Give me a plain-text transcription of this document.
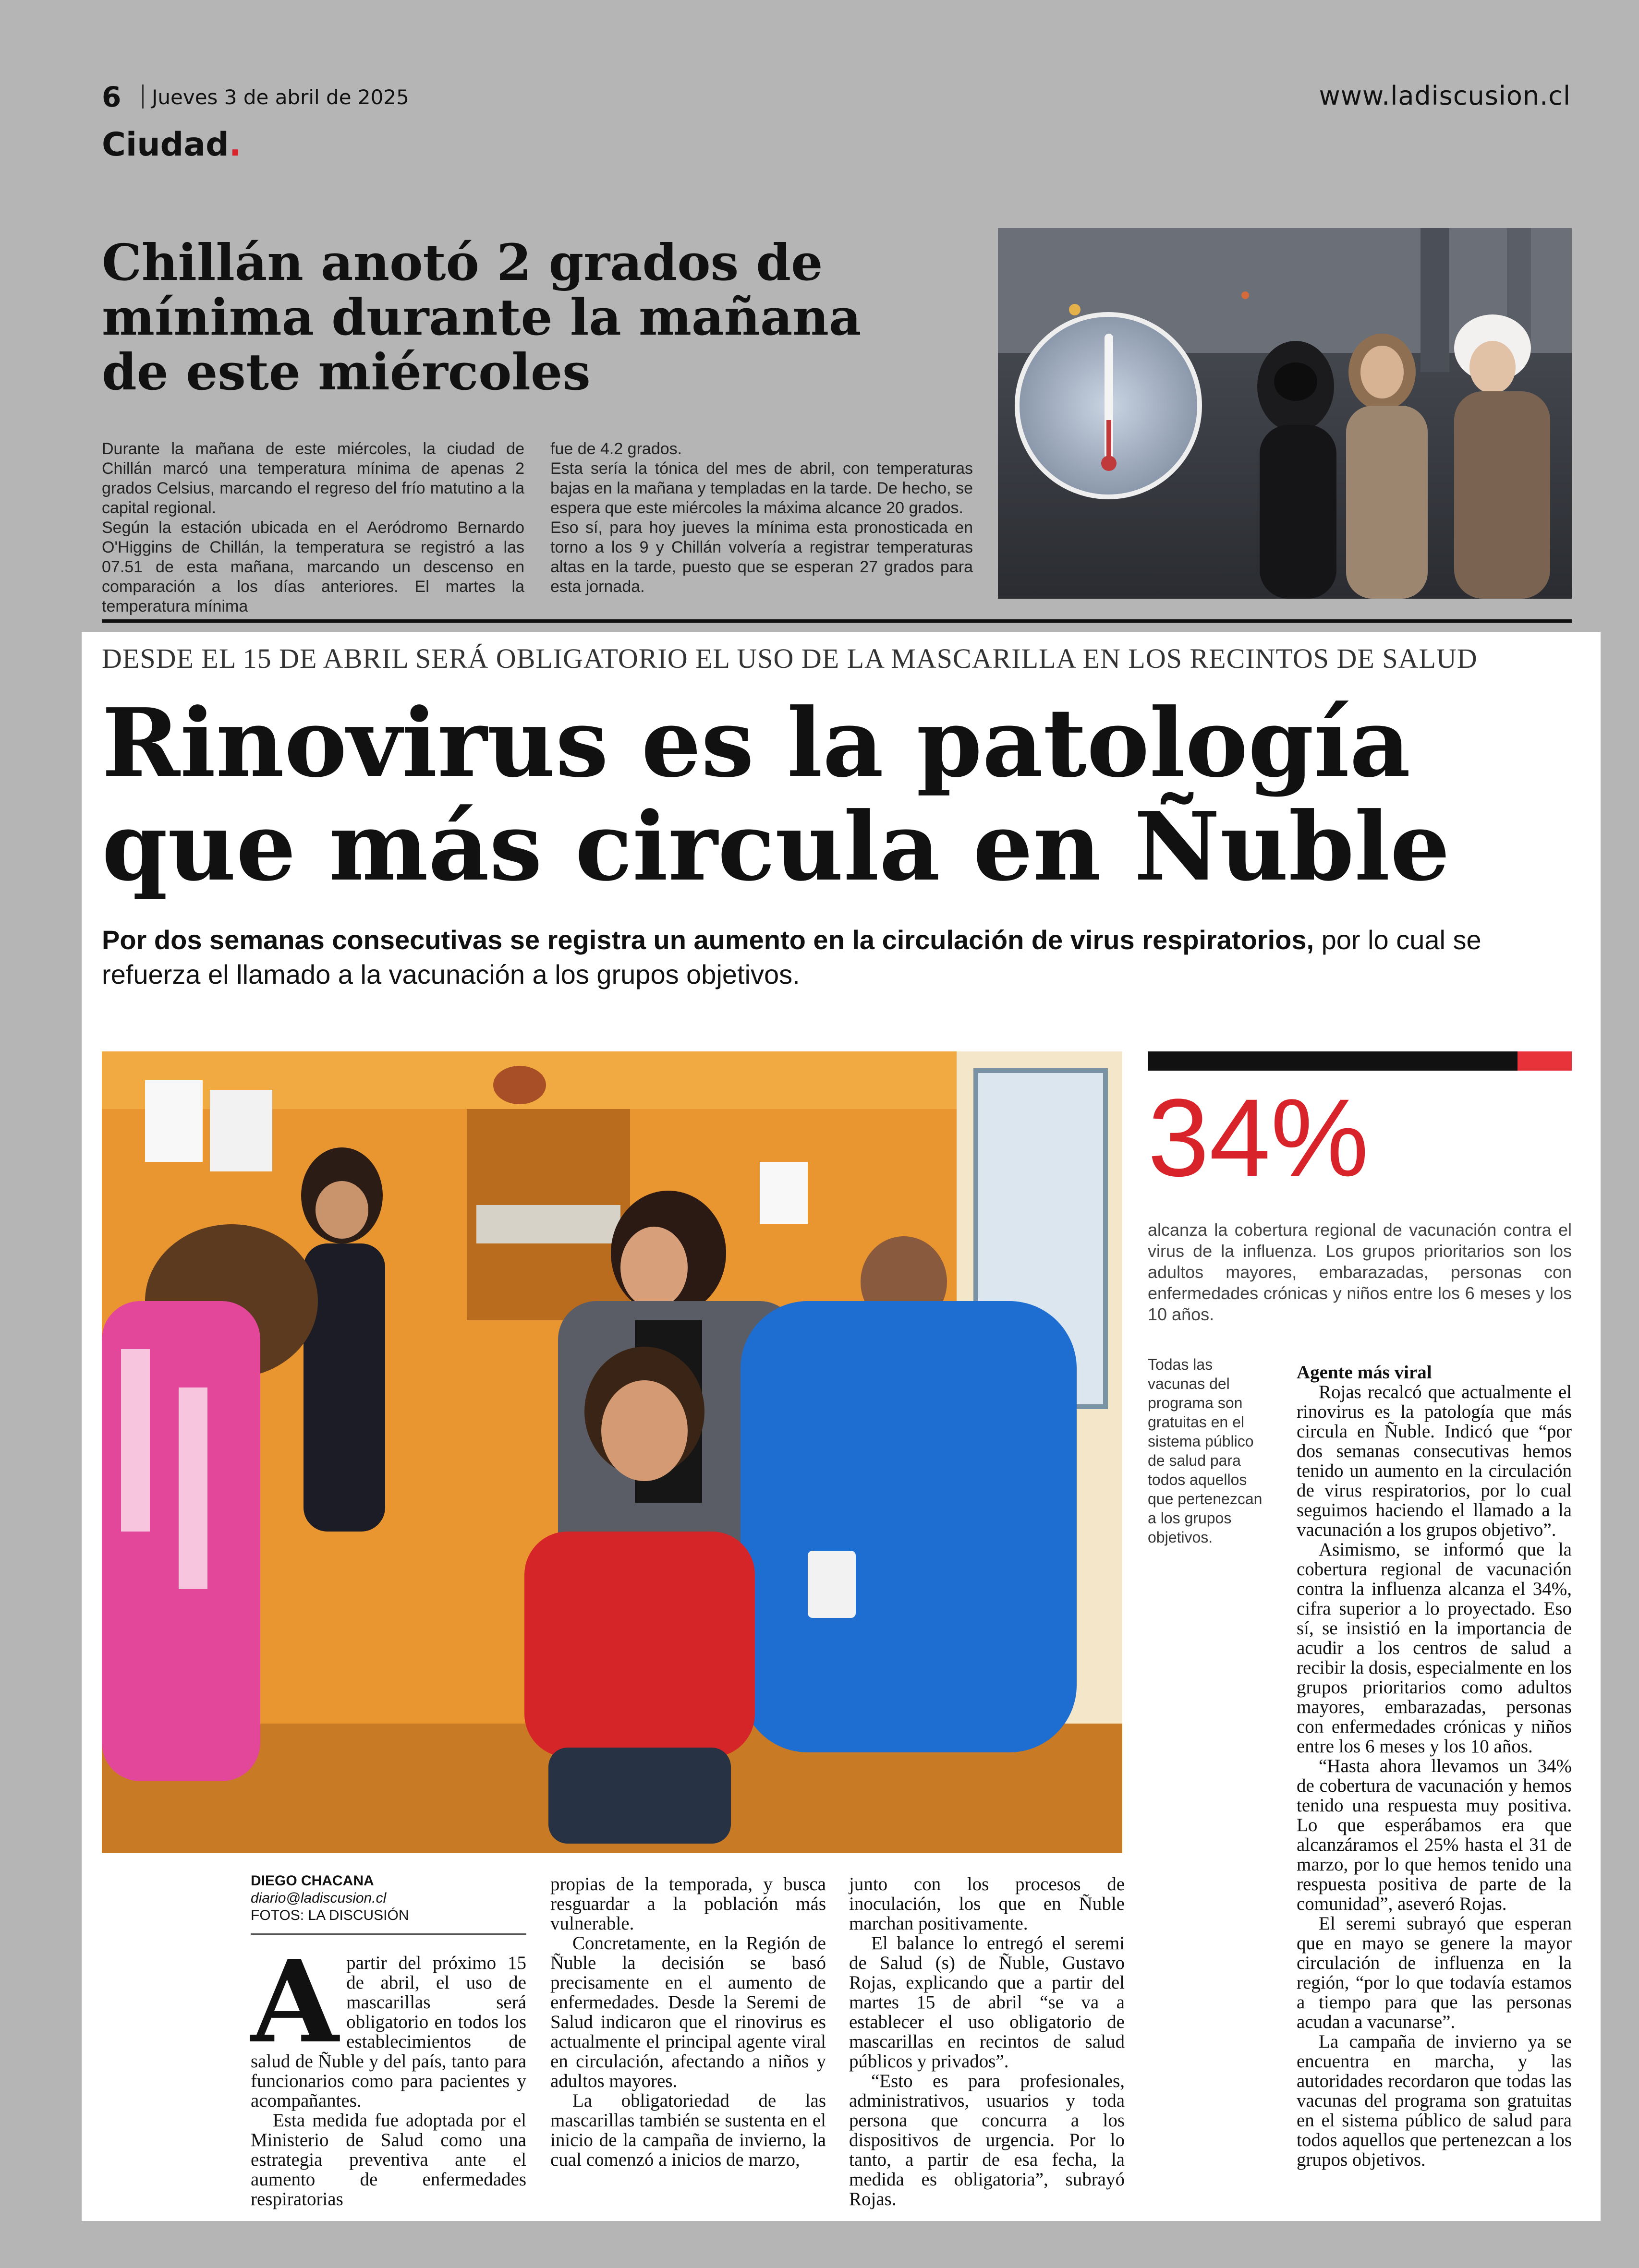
6 Jueves 3 de abril de 2025	www.ladiscusion.cl
Ciudad.
Chillán anotó 2 grados de mínima durante la mañana de este miércoles

Durante la mañana de este miércoles, la ciudad de Chillán marcó una temperatura mínima de apenas 2 grados Celsius, marcando el regreso del frío matutino a la capital regional.

Según la estación ubicada en el Aeródromo Bernardo O'Higgins de Chillán, la temperatura se registró a las 07.51 de esta mañana, marcando un descenso en comparación a los días anteriores. El martes la temperatura mínima

fue de 4.2 grados.

Esta sería la tónica del mes de abril, con temperaturas bajas en la mañana y templadas en la tarde. De hecho, se espera que este miércoles la máxima alcance 20 grados.

Eso sí, para hoy jueves la mínima esta pronosticada en torno a los 9 y Chillán volvería a registrar temperaturas altas en la tarde, puesto que se esperan 27 grados para esta jornada.

DESDE EL 15 DE ABRIL SERÁ OBLIGATORIO EL USO DE LA MASCARILLA EN LOS RECINTOS DE SALUD
Rinovirus es la patología
que más circula en Ñuble
Por dos semanas consecutivas se registra un aumento en la circulación de virus respiratorios, por lo cual se refuerza el llamado a la vacunación a los grupos objetivos.
34%
alcanza la cobertura regional de vacunación contra el virus de la influenza. Los grupos prioritarios son los adultos mayores, embarazadas, personas con enfermedades crónicas y niños entre los 6 meses y los 10 años.
Todas las vacunas del programa son gratuitas en el sistema público de salud para todos aquellos que pertenezcan a los grupos objetivos.
DIEGO CHACANA
diario@ladiscusion.cl
FOTOS: LA DISCUSIÓN
A partir del próximo 15 de abril, el uso de mascarillas será obligatorio en todos los establecimientos de salud de Ñuble y del país, tanto para funcionarios como para pacientes y acompañantes.

Esta medida fue adoptada por el Ministerio de Salud como una estrategia preventiva ante el aumento de enfermedades respiratorias

propias de la temporada, y busca resguardar a la población más vulnerable.

Concretamente, en la Región de Ñuble la decisión se basó precisamente en el aumento de enfermedades. Desde la Seremi de Salud indicaron que el rinovirus es actualmente el principal agente viral en circulación, afectando a niños y adultos mayores.

La obligatoriedad de las mascarillas también se sustenta en el inicio de la campaña de invierno, la cual comenzó a inicios de marzo,

junto con los procesos de inoculación, los que en Ñuble marchan positivamente.

El balance lo entregó el seremi de Salud (s) de Ñuble, Gustavo Rojas, explicando que a partir del martes 15 de abril “se va a establecer el uso obligatorio de mascarillas en recintos de salud públicos y privados”.

“Esto es para profesionales, administrativos, usuarios y toda persona que concurra a los dispositivos de urgencia. Por lo tanto, a partir de esa fecha, la medida es obligatoria”, subrayó Rojas.

Agente más viral

Rojas recalcó que actualmente el rinovirus es la patología que más circula en Ñuble. Indicó que “por dos semanas consecutivas hemos tenido un aumento en la circulación de virus respiratorios, por lo cual seguimos haciendo el llamado a la vacunación a los grupos objetivo”.

Asimismo, se informó que la cobertura regional de vacunación contra la influenza alcanza el 34%, cifra superior a lo proyectado. Eso sí, se insistió en la importancia de acudir a los centros de salud a recibir la dosis, especialmente en los grupos prioritarios como adultos mayores, embarazadas, personas con enfermedades crónicas y niños entre los 6 meses y los 10 años.

“Hasta ahora llevamos un 34% de cobertura de vacunación y hemos tenido una respuesta muy positiva. Lo que esperábamos era que alcanzáramos el 25% hasta el 31 de marzo, por lo que hemos tenido una respuesta positiva de parte de la comunidad”, aseveró Rojas.

El seremi subrayó que esperan que en mayo se genere la mayor circulación de influenza en la región, “por lo que todavía estamos a tiempo para que las personas acudan a vacunarse”.

La campaña de invierno ya se encuentra en marcha, y las autoridades recordaron que todas las vacunas del programa son gratuitas en el sistema público de salud para todos aquellos que pertenezcan a los grupos objetivos.
